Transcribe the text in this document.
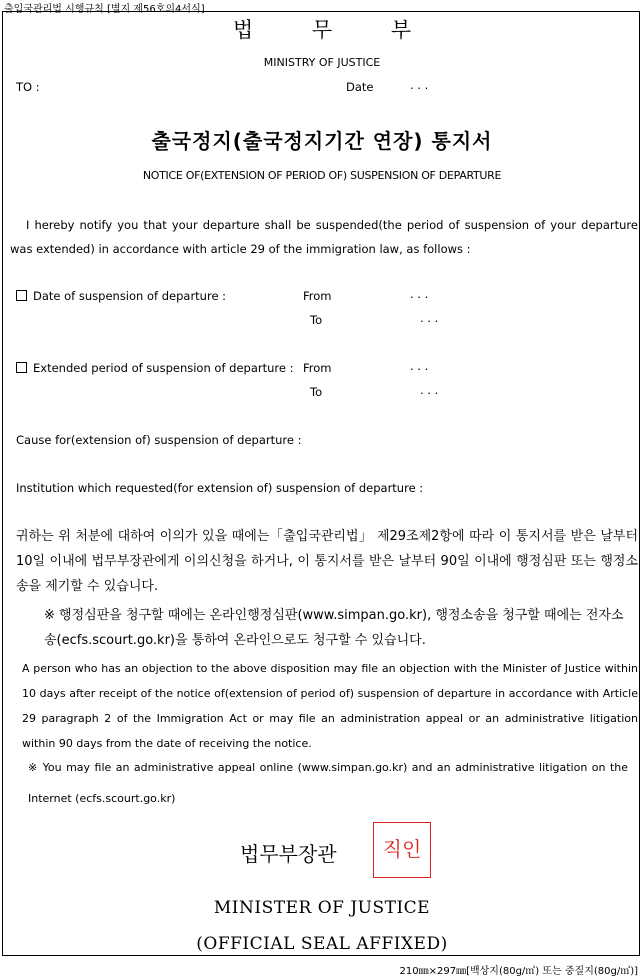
출입국관리법 시행규칙 [별지 제56호의4서식]
법 무 부
MINISTRY OF JUSTICE
TO :	Date	. . .
출국정지(출국정지기간 연장) 통지서
NOTICE OF(EXTENSION OF PERIOD OF) SUSPENSION OF DEPARTURE
I hereby notify you that your departure shall be suspended(the period of suspension of your departure was extended) in accordance with article 29 of the immigration law, as follows :
Date of suspension of departure :	From	. . .
To	. . .
Extended period of suspension of departure : From	. . .
To	. . .
Cause for(extension of) suspension of departure :
Institution which requested(for extension of) suspension of departure :
귀하는 위 처분에 대하여 이의가 있을 때에는「출입국관리법」 제29조제2항에 따라 이 통지서를 받은 날부터 10일 이내에 법무부장관에게 이의신청을 하거나, 이 통지서를 받은 날부터 90일 이내에 행정심판 또는 행정소송을 제기할 수 있습니다.
※ 행정심판을 청구할 때에는 온라인행정심판(www.simpan.go.kr), 행정소송을 청구할 때에는 전자소송(ecfs.scourt.go.kr)을 통하여 온라인으로도 청구할 수 있습니다.
A person who has an objection to the above disposition may file an objection with the Minister of Justice within 10 days after receipt of the notice of(extension of period of) suspension of departure in accordance with Article 29 paragraph 2 of the Immigration Act or may file an administration appeal or an administrative litigation within 90 days from the date of receiving the notice.
※ You may file an administrative appeal online (www.simpan.go.kr) and an administrative litigation on the Internet (ecfs.scourt.go.kr)
법무부장관	직인
MINISTER OF JUSTICE
(OFFICIAL SEAL AFFIXED)
210㎜×297㎜[백상지(80g/㎡) 또는 중질지(80g/㎡)]
